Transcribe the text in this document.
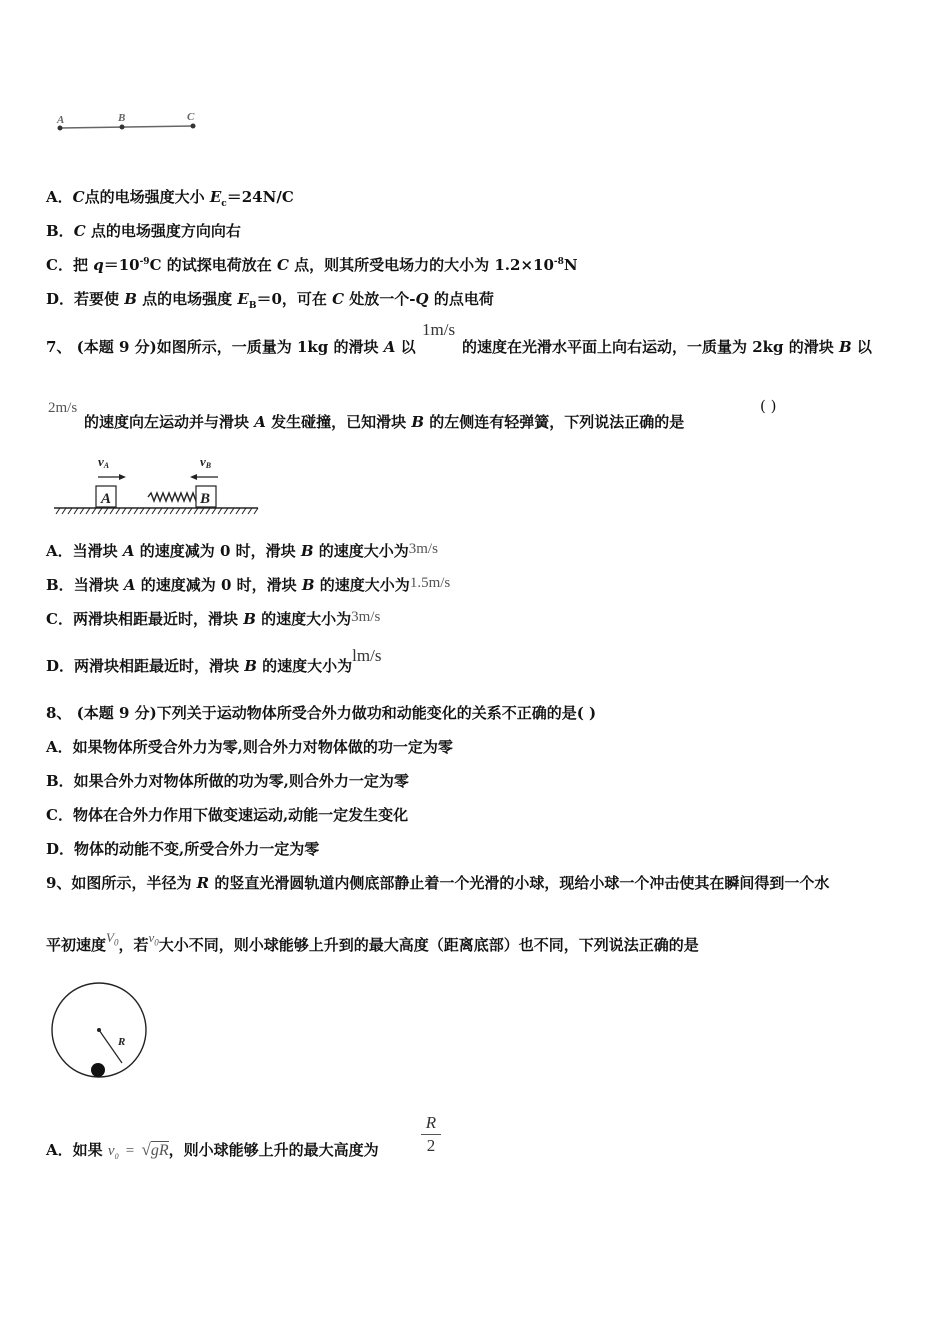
A	B	C
A．C点的电场强度大小 $E_c=24N/C$
B．C 点的电场强度方向向右
C．把 $q=10^{-9}C$ 的试探电荷放在 C 点，则其所受电场力的大小为 $1.2\times 10^{-8}N$
D．若要使 B 点的电场强度 $E_B=0$，可在 C 处放一个-Q 的点电荷
7、 (本题 9 分)如图所示，一质量为 1kg 的滑块 A 以
1m/s
的速度在光滑水平面上向右运动，一质量为 2kg 的滑块 B 以
2m/s
的速度向左运动并与滑块 A 发生碰撞，已知滑块 B 的左侧连有轻弹簧，下列说法正确的是
( )
vA	vB
A	B
A．当滑块 A 的速度减为 0 时，滑块 B 的速度大小为3m/s
B．当滑块 A 的速度减为 0 时，滑块 B 的速度大小为1.5m/s
C．两滑块相距最近时，滑块 B 的速度大小为3m/s
D．两滑块相距最近时，滑块 B 的速度大小为lm/s
8、 (本题 9 分)下列关于运动物体所受合外力做功和动能变化的关系不正确的是( )
A．如果物体所受合外力为零,则合外力对物体做的功一定为零
B．如果合外力对物体所做的功为零,则合外力一定为零
C．物体在合外力作用下做变速运动,动能一定发生变化
D．物体的动能不变,所受合外力一定为零
9、如图所示，半径为 R 的竖直光滑圆轨道内侧底部静止着一个光滑的小球，现给小球一个冲击使其在瞬间得到一个水
平初速度$V_0$，若$v_0$大小不同，则小球能够上升到的最大高度（距离底部）也不同，下列说法正确的是
R
A．如果 $v_0 = √gR$，则小球能够上升的最大高度为
R
2
